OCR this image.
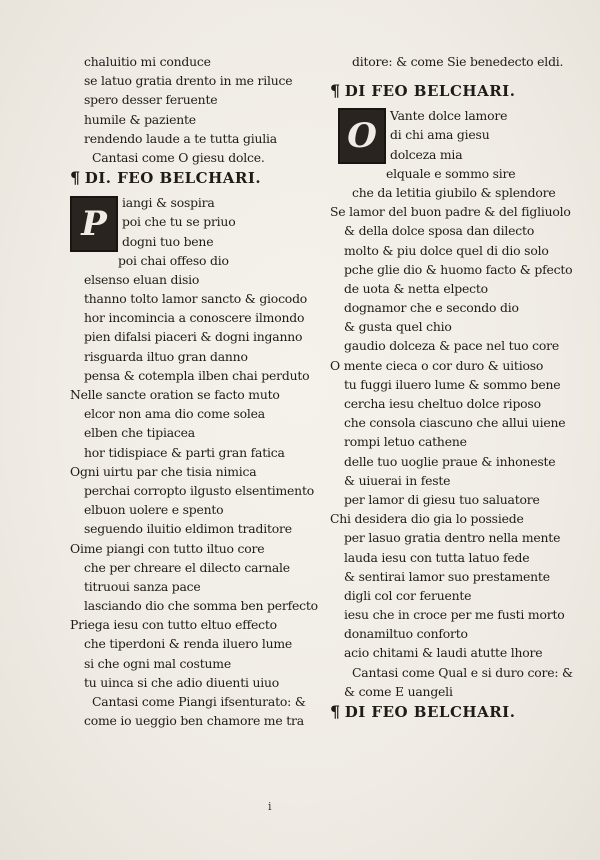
chaluitio mi conduce
se latuo gratia drento in me riluce
spero desser feruente
humile & paziente
rendendo laude a te tutta giulia
Cantasi come O giesu dolce.
¶ DI. FEO BELCHARI.
P
iangi & sospira
poi che tu se priuo
dogni tuo bene
poi chai offeso dio
elsenso eluan disio
thanno tolto lamor sancto & giocodo
hor incomincia a conoscere ilmondo
pien difalsi piaceri & dogni inganno
risguarda iltuo gran danno
pensa & cotempla ilben chai perduto
Nelle sancte oration se facto muto
elcor non ama dio come solea
elben che tipiacea
hor tidispiace & parti gran fatica
Ogni uirtu par che tisia nimica
perchai corropto ilgusto elsentimento
elbuon uolere e spento
seguendo iluitio eldimon traditore
Oime piangi con tutto iltuo core
che per chreare el dilecto carnale
titruoui sanza pace
lasciando dio che somma ben perfecto
Priega iesu con tutto eltuo effecto
che tiperdoni & renda iluero lume
si che ogni mal costume
tu uinca si che adio diuenti uiuo
Cantasi come Piangi ifsenturato: &
come io ueggio ben chamore me tra
ditore: & come Sie benedecto eldi.
¶ DI FEO BELCHARI.
O
Vante dolce lamore
di chi ama giesu
dolceza mia
elquale e sommo sire
che da letitia giubilo & splendore
Se lamor del buon padre & del figliuolo
& della dolce sposa dan dilecto
molto & piu dolce quel di dio solo
pche glie dio & huomo facto & pfecto
de uota & netta elpecto
dognamor che e secondo dio
& gusta quel chio
gaudio dolceza & pace nel tuo core
O mente cieca o cor duro & uitioso
tu fuggi iluero lume & sommo bene
cercha iesu cheltuo dolce riposo
che consola ciascuno che allui uiene
rompi letuo cathene
delle tuo uoglie praue & inhoneste
& uiuerai in feste
per lamor di giesu tuo saluatore
Chi desidera dio gia lo possiede
per lasuo gratia dentro nella mente
lauda iesu con tutta latuo fede
& sentirai lamor suo prestamente
digli col cor feruente
iesu che in croce per me fusti morto
donamiltuo conforto
acio chitami & laudi atutte lhore
Cantasi come Qual e si duro core: &
& come E uangeli
¶ DI FEO BELCHARI.
i
